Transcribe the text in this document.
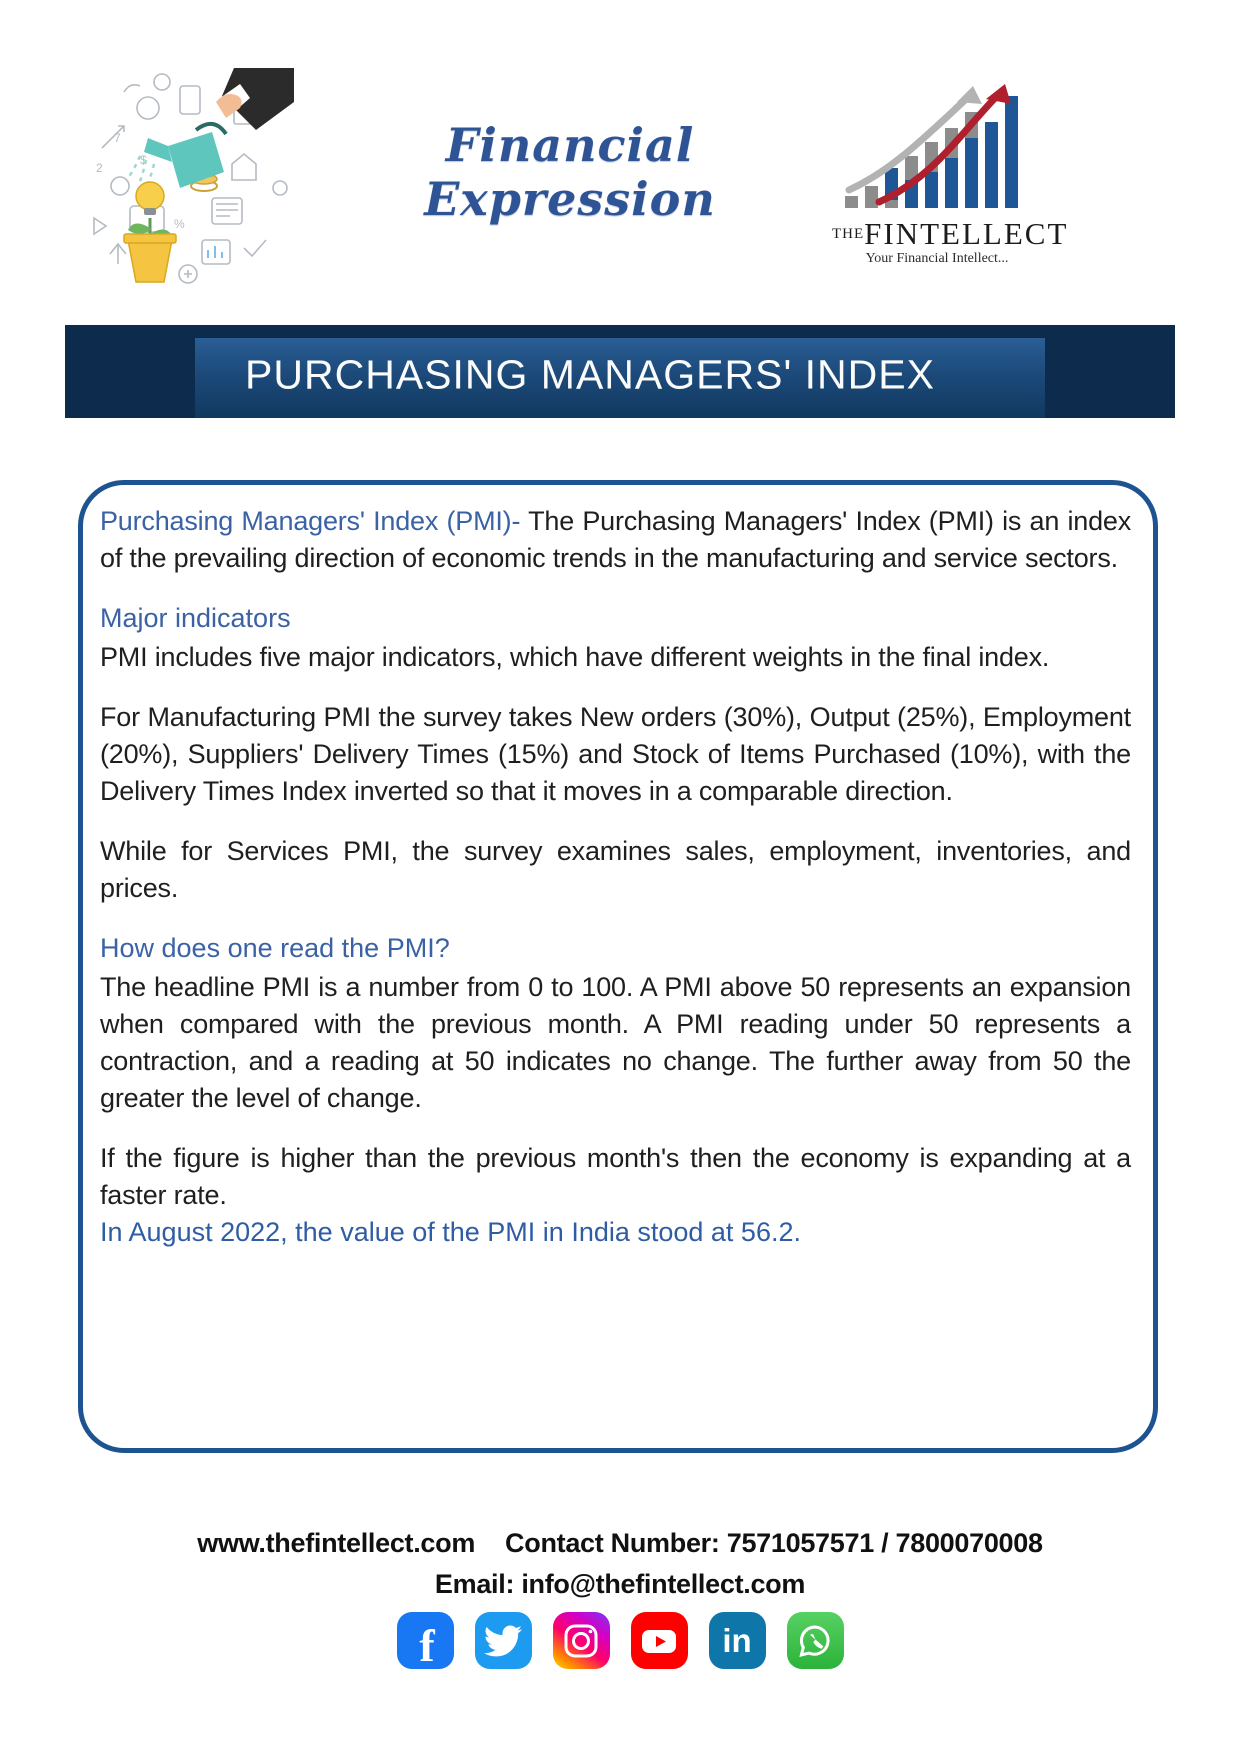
2
$
%
7	Financial Expression
THEFINTELLECT
Your Financial Intellect...
PURCHASING MANAGERS' INDEX

Purchasing Managers' Index (PMI)- The Purchasing Managers' Index (PMI) is an index of the prevailing direction of economic trends in the manufacturing and service sectors.

Major indicators

PMI includes five major indicators, which have different weights in the final index.

For Manufacturing PMI the survey takes New orders (30%), Output (25%), Employment (20%), Suppliers' Delivery Times (15%) and Stock of Items Purchased (10%), with the Delivery Times Index inverted so that it moves in a comparable direction.

While for Services PMI, the survey examines sales, employment, inventories, and prices.

How does one read the PMI?

The headline PMI is a number from 0 to 100. A PMI above 50 represents an expansion when compared with the previous month. A PMI reading under 50 represents a contraction, and a reading at 50 indicates no change. The further away from 50 the greater the level of change.

If the figure is higher than the previous month's then the economy is expanding at a faster rate.

In August 2022, the value of the PMI in India stood at 56.2.
www.thefintellect.com Contact Number: 7571057571 / 7800070008
Email: info@thefintellect.com
f	in
